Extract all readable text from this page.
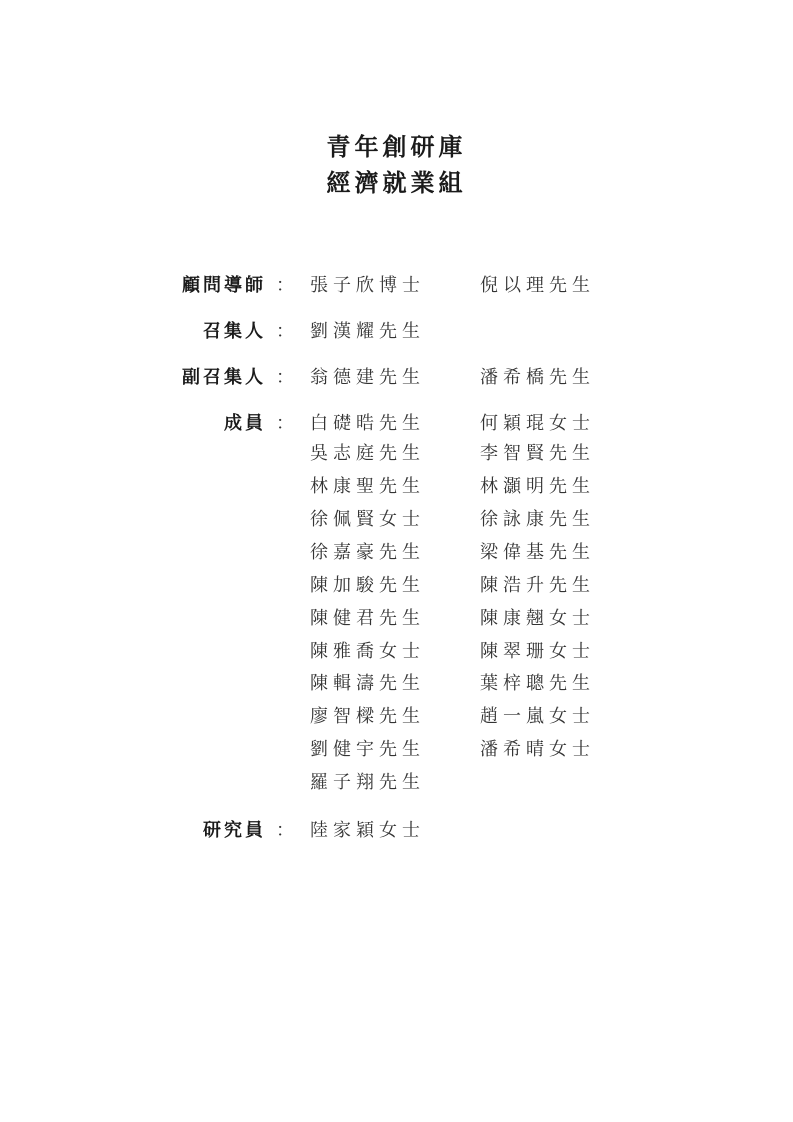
青年創研庫
經濟就業組
顧問導師 ： 張子欣博士	倪以理先生
召集人 ： 劉漢耀先生
副召集人 ： 翁德建先生	潘希橋先生
成員 ： 白礎晧先生	何穎琨女士
吳志庭先生	李智賢先生
林康聖先生	林灝明先生
徐佩賢女士	徐詠康先生
徐嘉豪先生	梁偉基先生
陳加駿先生	陳浩升先生
陳健君先生	陳康翹女士
陳雅喬女士	陳翠珊女士
陳輯濤先生	葉梓聰先生
廖智樑先生	趙一嵐女士
劉健宇先生	潘希晴女士
羅子翔先生
研究員 ： 陸家穎女士
